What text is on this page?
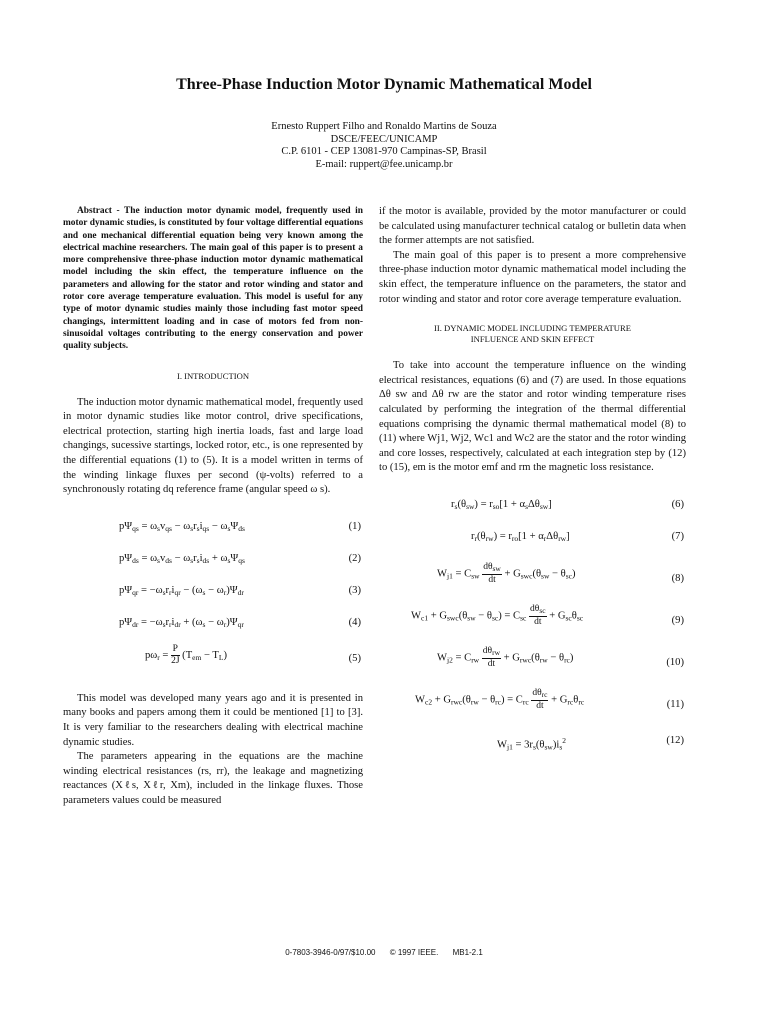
Three-Phase Induction Motor Dynamic Mathematical Model
Ernesto Ruppert Filho and Ronaldo Martins de Souza
DSCE/FEEC/UNICAMP
C.P. 6101 - CEP 13081-970 Campinas-SP, Brasil
E-mail: ruppert@fee.unicamp.br

Abstract - The induction motor dynamic model, frequently used in motor dynamic studies, is constituted by four voltage differential equations and one mechanical differential equation being very known among the electrical machine researchers. The main goal of this paper is to present a more comprehensive three-phase induction motor dynamic mathematical model including the skin effect, the temperature influence on the parameters and allowing for the stator and rotor winding and stator and rotor core average temperature evaluation. This model is useful for any type of motor dynamic studies mainly those including fast motor speed changings, intermittent loading and in case of motors fed from non-sinusoidal voltages contributing to the energy conservation and power quality subjects.

I. INTRODUCTION

The induction motor dynamic mathematical model, frequently used in motor dynamic studies like motor control, drive specifications, electrical protection, starting high inertia loads, fast and large load changings, sucessive startings, locked rotor, etc., is one represented by the differential equations (1) to (5). It is a model written in terms of the winding linkage fluxes per second (ψ-volts) referred to a synchronously rotating dq reference frame (angular speed ω s).

$p\Psi_{qs} = \omega_sv_{qs} - \omega_sr_si_{qs} - \omega_s\Psi_{ds}$	(1)
$p\Psi_{ds} = \omega_sv_{ds} - \omega_sr_si_{ds} + \omega_s\Psi_{qs}$	(2)
$p\Psi_{qr} = -\omega_sr_ri_{qr} - (\omega_s - \omega_r)\Psi_{dr}$	(3)
$p\Psi_{dr} = -\omega_sr_ri_{dr} + (\omega_s - \omega_r)\Psi_{qr}$	(4)
$p\omega_r = \frac{P}{2J} (T_{em} - T_L)$	(5)

This model was developed many years ago and it is presented in many books and papers among them it could be mentioned [1] to [3]. It is very familiar to the researchers dealing with electrical machine dynamic studies.

The parameters appearing in the equations are the machine winding electrical resistances (rs, rr), the leakage and magnetizing reactances (Xℓs, Xℓr, Xm), included in the linkage fluxes. Those parameters values could be measured

if the motor is available, provided by the motor manufacturer or could be calculated using manufacturer technical catalog or bulletin data when the former attempts are not satisfied.

The main goal of this paper is to present a more comprehensive three-phase induction motor dynamic mathematical model including the skin effect, the temperature influence on the parameters, the stator and rotor winding and stator and rotor core average temperature evaluation.

II. DYNAMIC MODEL INCLUDING TEMPERATURE

INFLUENCE AND SKIN EFFECT

To take into account the temperature influence on the winding electrical resistances, equations (6) and (7) are used. In those equations Δθ sw and Δθ rw are the stator and rotor winding temperature rises calculated by performing the integration of the thermal differential equations comprising the dynamic thermal mathematical model (8) to (11) where Wj1, Wj2, Wc1 and Wc2 are the stator and the rotor winding and core losses, respectively, calculated at each integration step by (12) to (15), em is the motor emf and rm the magnetic loss resistance.

$r_s(\theta_{sw}) = r_{so}[1 + \alpha_s\Delta\theta_{sw}]$	(6)
$r_r(\theta_{rw}) = r_{ro}[1 + \alpha_r\Delta\theta_{rw}]$	(7)
$W_{j1} = C_{sw} \frac{d\theta_{sw}}{dt} + G_{swc}(\theta_{sw} - \theta_{sc})$	(8)
$W_{c1} + G_{swc}(\theta_{sw} - \theta_{sc}) = C_{sc} \frac{d\theta_{sc}}{dt} + G_{sc}\theta_{sc}$	(9)
$W_{j2} = C_{rw} \frac{d\theta_{rw}}{dt} + G_{rwc}(\theta_{rw} - \theta_{rc})$	(10)
$W_{c2} + G_{rwc}(\theta_{rw} - \theta_{rc}) = C_{rc} \frac{d\theta_{rc}}{dt} + G_{rc}\theta_{rc}$	(11)
$W_{j1} = 3r_s(\theta_{sw})i_s^2$	(12)
0-7803-3946-0/97/$10.00 © 1997 IEEE. MB1-2.1
